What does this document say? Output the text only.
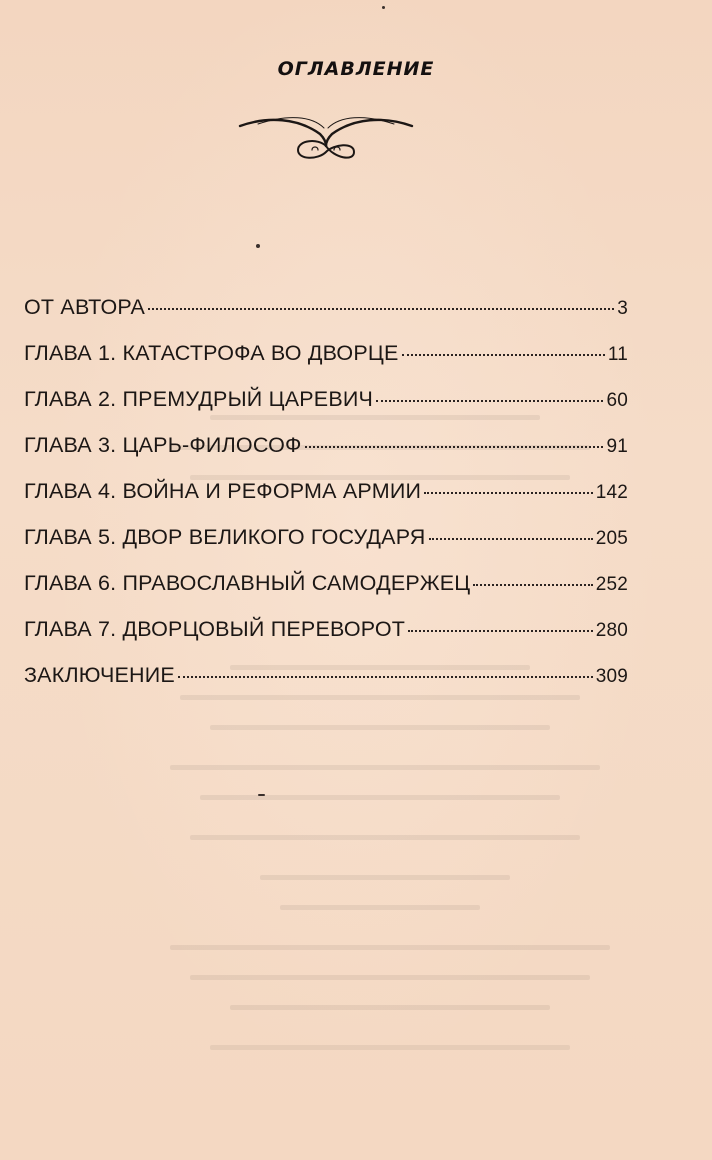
ОГЛАВЛЕНИЕ
ОТ АВТОРА	3
ГЛАВА 1. КАТАСТРОФА ВО ДВОРЦЕ	11
ГЛАВА 2. ПРЕМУДРЫЙ ЦАРЕВИЧ	60
ГЛАВА 3. ЦАРЬ-ФИЛОСОФ	91
ГЛАВА 4. ВОЙНА И РЕФОРМА АРМИИ	142
ГЛАВА 5. ДВОР ВЕЛИКОГО ГОСУДАРЯ	205
ГЛАВА 6. ПРАВОСЛАВНЫЙ САМОДЕРЖЕЦ	252
ГЛАВА 7. ДВОРЦОВЫЙ ПЕРЕВОРОТ	280
ЗАКЛЮЧЕНИЕ	309
